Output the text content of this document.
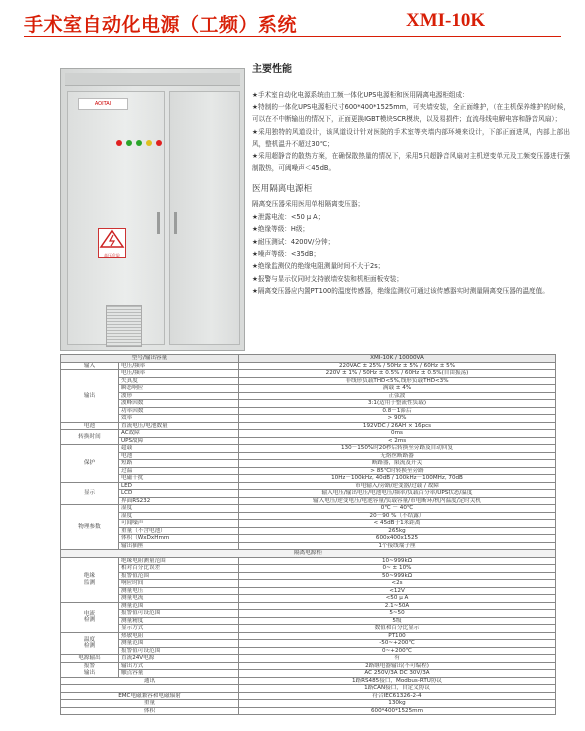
手术室自动化电源（工频）系统	XMI-10K
AOITAI
高压危险
主要性能

★手术室自动化电源系统由工频一体化UPS电源柜和医用隔离电源柜组成：

★特制的一体化UPS电源柜尺寸600*400*1525mm，可夹墙安装，全正面维护，（在主机保养维护的时候，可以在不中断输出的情况下，正面更换IGBT模块SCR模块，以及易损件；直流母线电解电容和静音风扇）；

★采用独特的风道设计，该风道设计针对医院的手术室等夹墙内部环境来设计，下部正面进风，内部上部出风，整机温升不超过30℃；

★采用超静音的散热方案，在确保散热量的情况下，采用5只超静音风扇对主机逆变单元及工频变压器进行强制散热，可阈噪声＜45dB。

医用隔离电源柜
隔离变压器采用医用单相隔离变压器；
★泄露电流：<50 μ A；
★绝缘等级：H级；
★耐压测试：4200V/分钟；
★噪声等级：<35dB；
★绝缘监测仪的绝缘电阻测量时间不大于2s；
★报警与显示仪同时支持嵌墙安装和机柜面板安装；
★隔离变压器应内置PT100的温度传感器，绝缘监测仪可通过该传感器实时测量隔离变压器的温度值。
型号/输出容量		XMI-10K / 10000VA
输入	电压/频率	220VAC ± 25% / 50Hz ± 5% / 60Hz ± 5%
输出	电压/频率	220V ± 1% / 50Hz ± 0.5% / 60Hz ± 0.5%(自由振荡)
	失真度	非线形负载THD<5%,线形负载THD<3%
	瞬态响应	满载 ± 4%
	波形	正弦波
	波峰因数	3:1(适用于整流性负载)
	功率因数	0.8－1滞后
	效率	> 90%
电池	直流电压/电池数量	192VDC / 26AH × 16pcs
转换时间	AC故障	0ms
	UPS故障	< 2ms
保护	超载	130－150%时20秒后转换至旁路及自动回复
	电池	无熔丝断路器
	短路	断路器，限流及开关
	过温	> 85℃时转换至旁路
	电磁干扰	10Hz－100kHz, 40dB / 100kHz－100MHz, 70dB
显示	LED	市电输入/旁路/逆变器/过载 / 故障
	LCD	输入电压/输出电压/电池电压/频率/负载百分率/UPS状态/温度
	界面RS232	输入电压/逆变电压/电池容量/负载容量/市电断环/机内温度/定时关机
物理参数	湿度	0℃ － 40℃
	湿度	20－90 %（不结露）
	可闻噪声	< 45dB于1米距离
	重量（不含电池）	265kg
	体积（WxDxHmm	600x400x1525
	输出插座	1个接线端子座
隔离电源柜		
绝缘
监测	绝缘电阻测量范围	10~999kΩ
	相对百分比误差	0~ ± 10%
	报警值范围	50~999kΩ
	响应时间	<2s
	测量电压	<12V
	测量电流	<50 μ A
电流
检测	测量范围	2.1~50A
	报警值可设范围	5~50
	测量精度	5级
	显示方式	数值和百分比显示
温度
检测	热敏电阻	PT100
	测量范围	-50~+200℃
	报警值可设范围	0~+200℃
电源输出	直流24V电源	有
报警
输出	输出方式	2路继电器输出(不可编程)
	触点容量	AC 250V/3A DC 30V/3A
通讯		1路RS485接口，Modbus-RTU协议
		1路CAN接口，自定义协议
EMC电磁兼容和电磁辐射		符合IEC61326-2-4
重量		130kg
体积		600*400*1525mm
